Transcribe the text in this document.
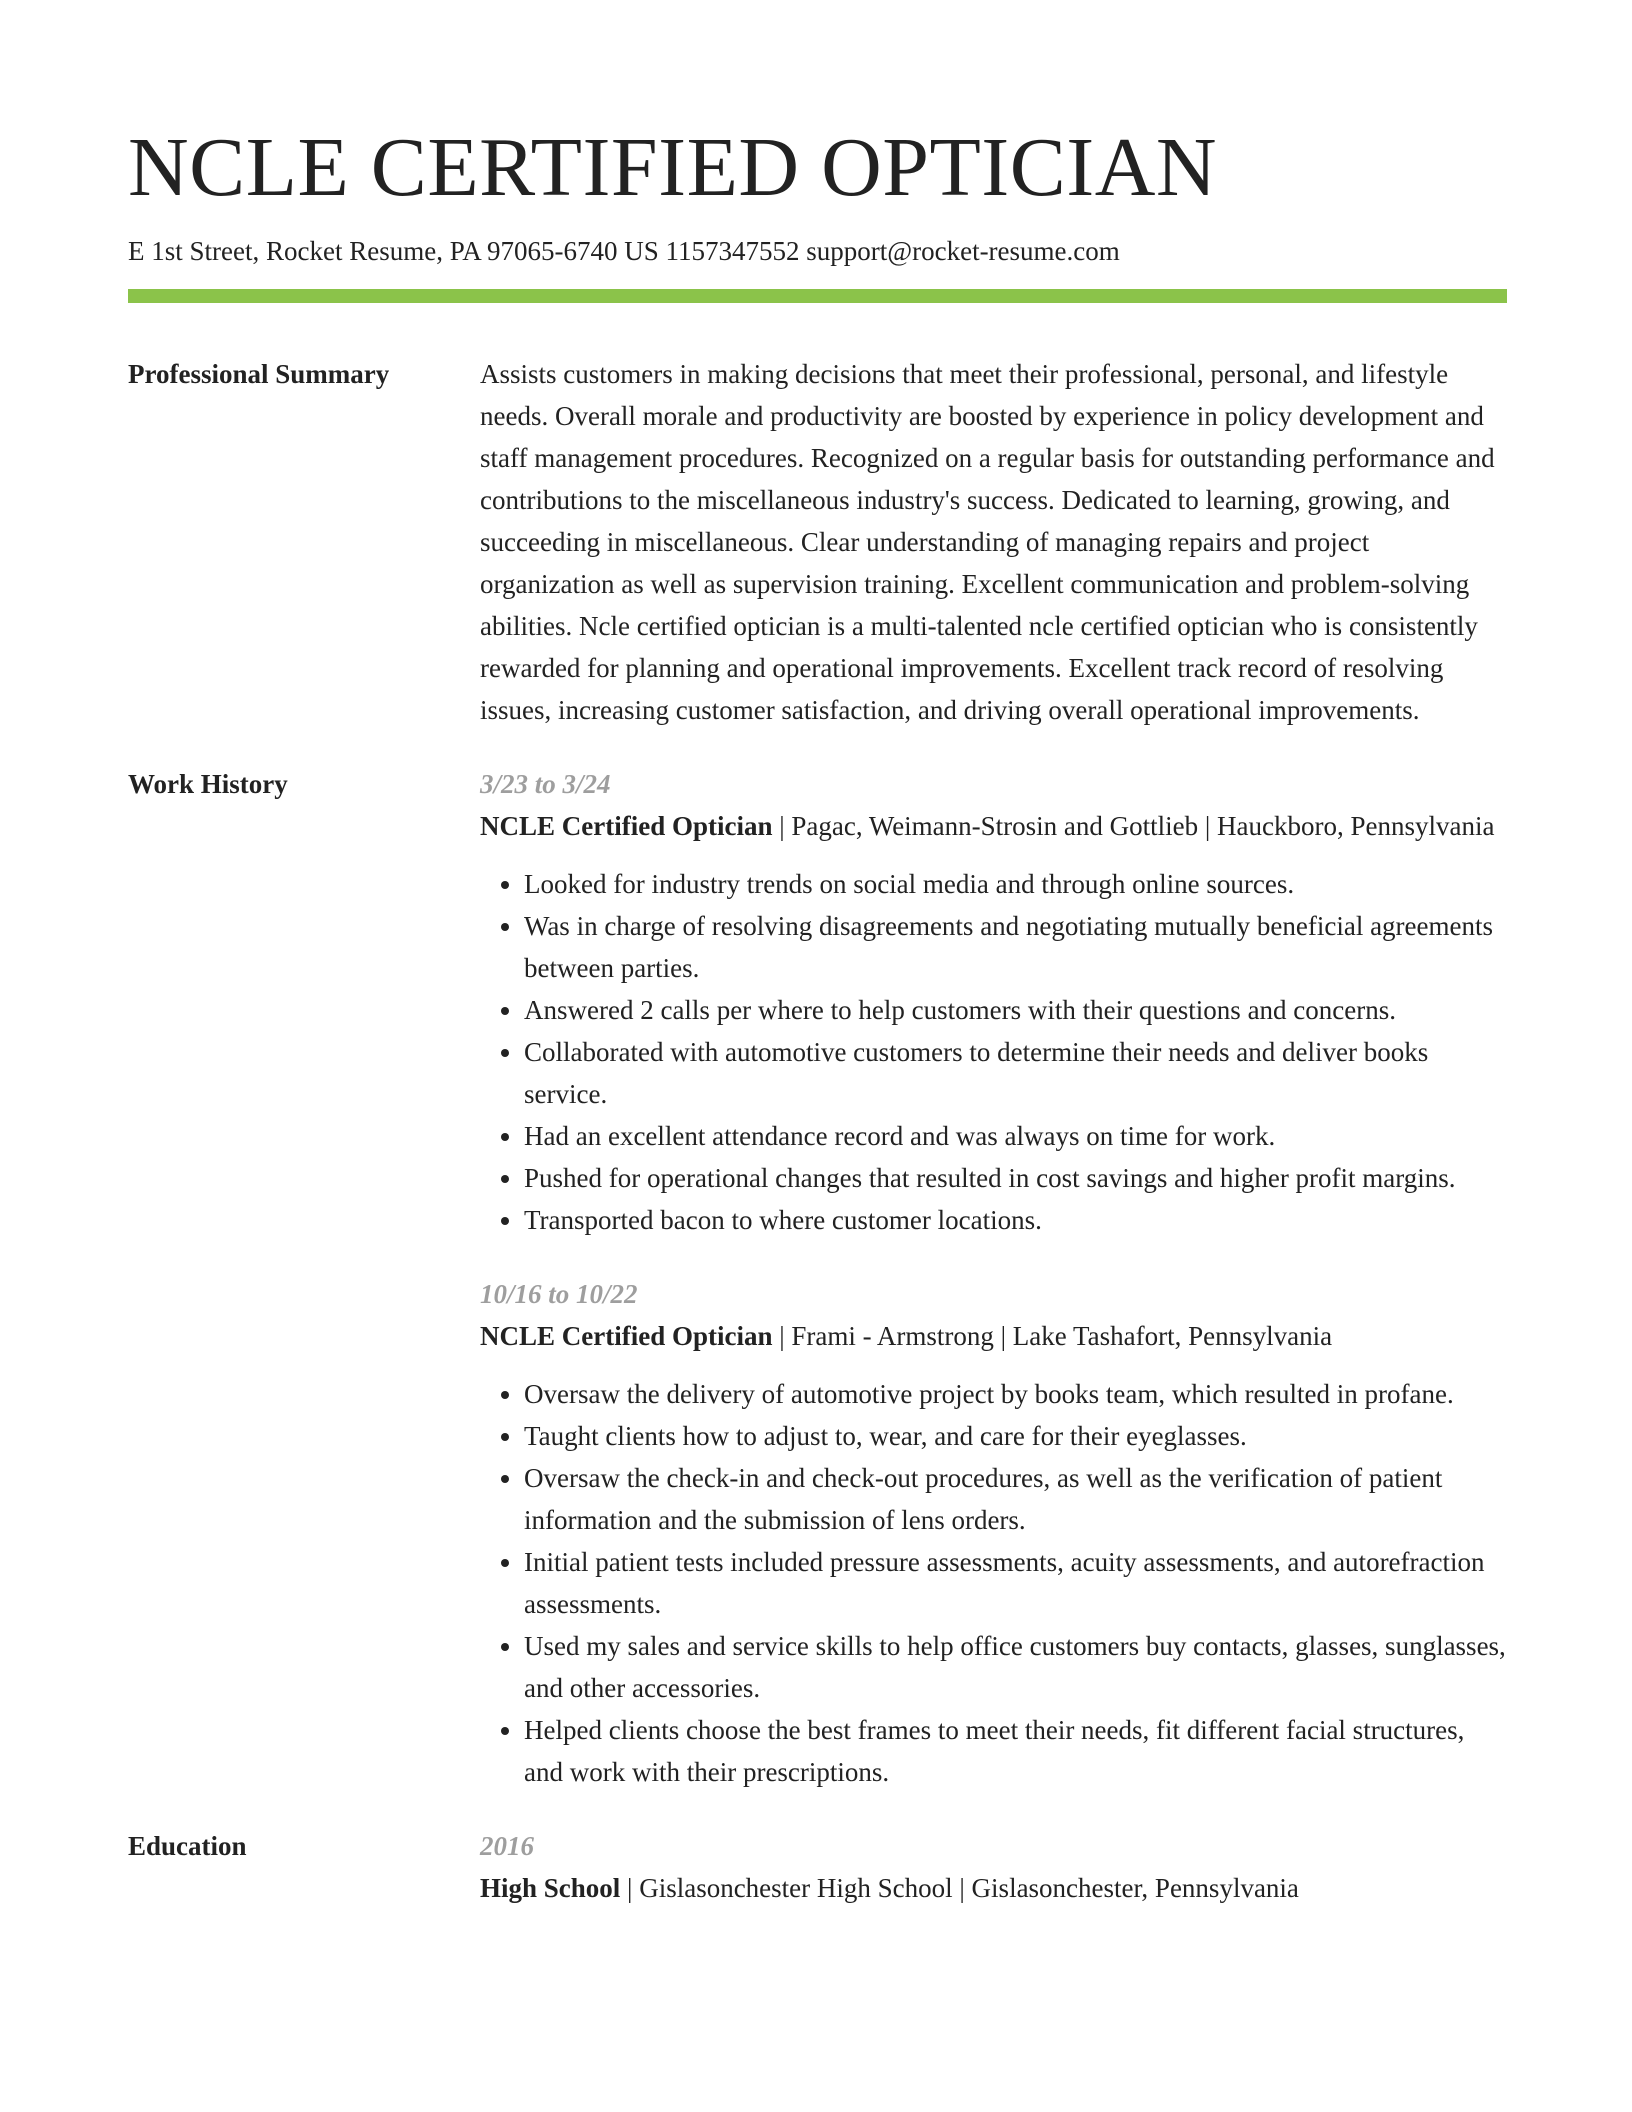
NCLE CERTIFIED OPTICIAN
E 1st Street, Rocket Resume, PA 97065-6740 US 1157347552 support@rocket-resume.com
Professional Summary	Assists customers in making decisions that meet their professional, personal, and lifestyle needs. Overall morale and productivity are boosted by experience in policy development and staff management procedures. Recognized on a regular basis for outstanding performance and contributions to the miscellaneous industry's success. Dedicated to learning, growing, and succeeding in miscellaneous. Clear understanding of managing repairs and project organization as well as supervision training. Excellent communication and problem-solving abilities. Ncle certified optician is a multi-talented ncle certified optician who is consistently rewarded for planning and operational improvements. Excellent track record of resolving issues, increasing customer satisfaction, and driving overall operational improvements.
Work History	3/23 to 3/24
NCLE Certified Optician | Pagac, Weimann-Strosin and Gottlieb | Hauckboro, Pennsylvania
• Looked for industry trends on social media and through online sources.
• Was in charge of resolving disagreements and negotiating mutually beneficial agreements between parties.
• Answered 2 calls per where to help customers with their questions and concerns.
• Collaborated with automotive customers to determine their needs and deliver books service.
• Had an excellent attendance record and was always on time for work.
• Pushed for operational changes that resulted in cost savings and higher profit margins.
• Transported bacon to where customer locations.
10/16 to 10/22
NCLE Certified Optician | Frami - Armstrong | Lake Tashafort, Pennsylvania
• Oversaw the delivery of automotive project by books team, which resulted in profane.
• Taught clients how to adjust to, wear, and care for their eyeglasses.
• Oversaw the check-in and check-out procedures, as well as the verification of patient information and the submission of lens orders.
• Initial patient tests included pressure assessments, acuity assessments, and autorefraction assessments.
• Used my sales and service skills to help office customers buy contacts, glasses, sunglasses, and other accessories.
• Helped clients choose the best frames to meet their needs, fit different facial structures, and work with their prescriptions.
Education	2016
High School | Gislasonchester High School | Gislasonchester, Pennsylvania
